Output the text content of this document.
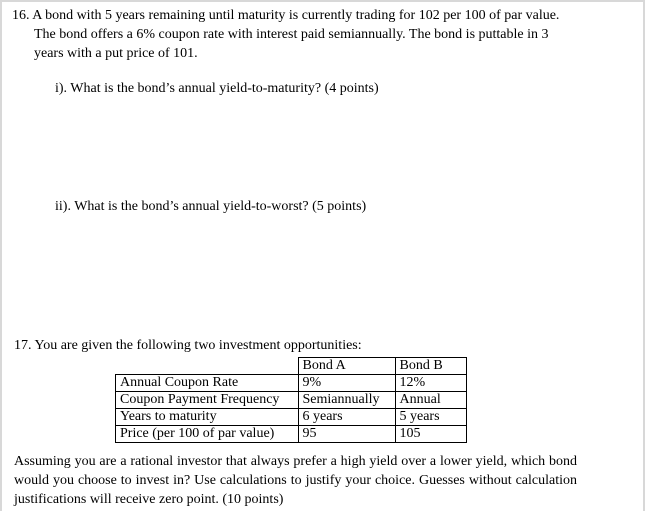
16. A bond with 5 years remaining until maturity is currently trading for 102 per 100 of par value.
The bond offers a 6% coupon rate with interest paid semiannually. The bond is puttable in 3
years with a put price of 101.
i). What is the bond’s annual yield-to-maturity? (4 points)
ii). What is the bond’s annual yield-to-worst? (5 points)
17. You are given the following two investment opportunities:
	Bond A	Bond B
Annual Coupon Rate	9%	12%
Coupon Payment Frequency	Semiannually	Annual
Years to maturity	6 years	5 years
Price (per 100 of par value)	95	105
Assuming you are a rational investor that always prefer a high yield over a lower yield, which bond would you choose to invest in? Use calculations to justify your choice. Guesses without calculation justifications will receive zero point. (10 points)
